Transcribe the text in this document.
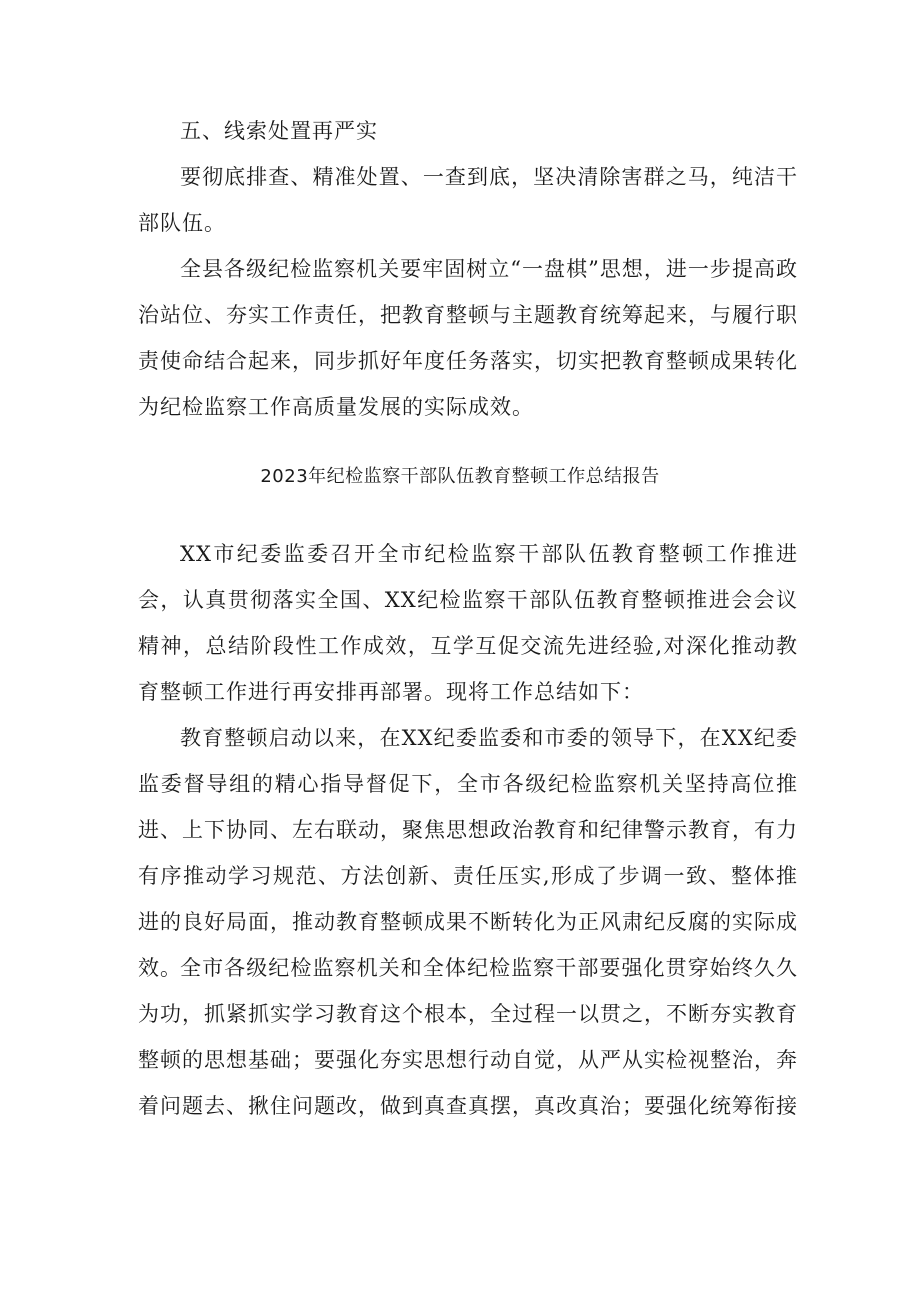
五、线索处置再严实

要彻底排查、精准处置、一查到底，坚决清除害群之马，纯洁干部队伍。

全县各级纪检监察机关要牢固树立“一盘棋”思想，进一步提高政治站位、夯实工作责任，把教育整顿与主题教育统筹起来，与履行职责使命结合起来，同步抓好年度任务落实，切实把教育整顿成果转化为纪检监察工作高质量发展的实际成效。

2023年纪检监察干部队伍教育整顿工作总结报告

XX市纪委监委召开全市纪检监察干部队伍教育整顿工作推进会，认真贯彻落实全国、XX纪检监察干部队伍教育整顿推进会会议精神，总结阶段性工作成效，互学互促交流先进经验,对深化推动教育整顿工作进行再安排再部署。现将工作总结如下：

教育整顿启动以来，在XX纪委监委和市委的领导下，在XX纪委监委督导组的精心指导督促下，全市各级纪检监察机关坚持高位推进、上下协同、左右联动，聚焦思想政治教育和纪律警示教育，有力有序推动学习规范、方法创新、责任压实,形成了步调一致、整体推进的良好局面，推动教育整顿成果不断转化为正风肃纪反腐的实际成效。

全市各级纪检监察机关和全体纪检监察干部要强化贯穿始终久久为功，抓紧抓实学习教育这个根本，全过程一以贯之，不断夯实教育整顿的思想基础；要强化夯实思想行动自觉，从严从实检视整治，奔着问题去、揪住问题改，做到真查真摆，真改真治；要强化统筹衔接
